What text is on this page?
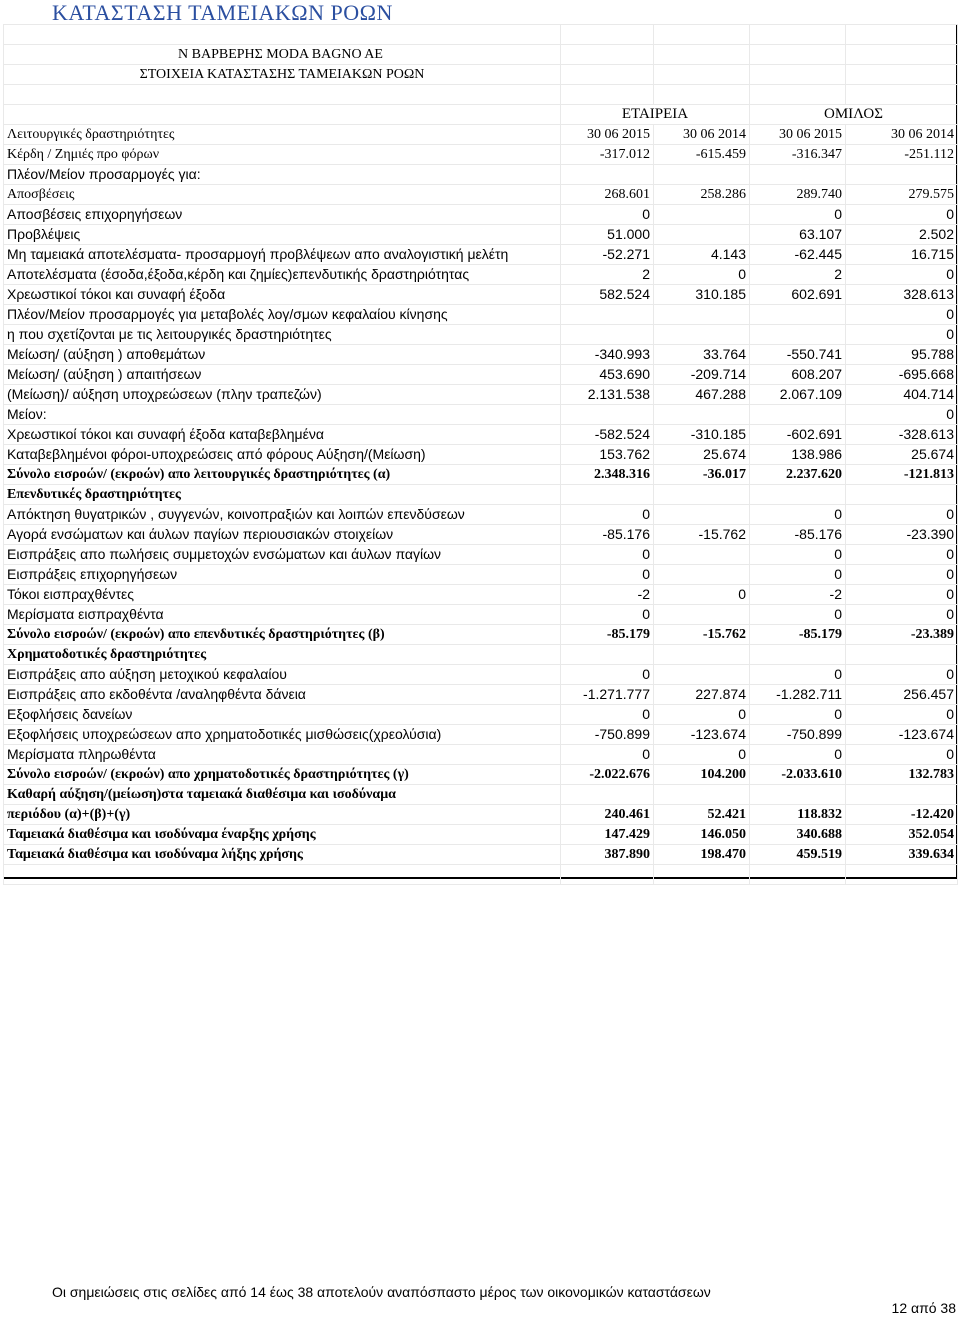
ΚΑΤΑΣΤΑΣΗ ΤΑΜΕΙΑΚΩΝ ΡΟΩΝ

Ν ΒΑΡΒΕΡΗΣ MODA BAGNO AE				
ΣΤΟΙΧΕΙΑ ΚΑΤΑΣΤΑΣΗΣ ΤΑΜΕΙΑΚΩΝ ΡΟΩΝ				

	ΕΤΑΙΡΕΙΑ		ΟΜΙΛΟΣ	
Λειτουργικές δραστηριότητες	30 06 2015	30 06 2014	30 06 2015	30 06 2014
Κέρδη / Ζημιές προ φόρων	-317.012	-615.459	-316.347	-251.112
Πλέον/Μείον προσαρμογές για:				
Αποσβέσεις	268.601	258.286	289.740	279.575
Αποσβέσεις επιχορηγήσεων	0		0	0
Προβλέψεις	51.000		63.107	2.502
Μη ταμειακά αποτελέσματα- προσαρμογή προβλέψεων απο αναλογιστική μελέτη	-52.271	4.143	-62.445	16.715
Αποτελέσματα (έσοδα,έξοδα,κέρδη και ζημίες)επενδυτικής δραστηριότητας	2	0	2	0
Χρεωστικοί τόκοι και συναφή έξοδα	582.524	310.185	602.691	328.613
Πλέον/Μείον προσαρμογές για μεταβολές λογ/σμων κεφαλαίου κίνησης				0
η που σχετίζονται με τις λειτουργικές δραστηριότητες				0
Μείωση/ (αύξηση ) αποθεμάτων	-340.993	33.764	-550.741	95.788
Μείωση/ (αύξηση ) απαιτήσεων	453.690	-209.714	608.207	-695.668
(Μείωση)/ αύξηση υποχρεώσεων (πλην τραπεζών)	2.131.538	467.288	2.067.109	404.714
Μείον:				0
Χρεωστικοί τόκοι και συναφή έξοδα καταβεβλημένα	-582.524	-310.185	-602.691	-328.613
Καταβεβλημένοι φόροι-υποχρεώσεις από φόρους Αύξηση/(Μείωση)	153.762	25.674	138.986	25.674
Σύνολο εισροών/ (εκροών) απο λειτουργικές δραστηριότητες (α)	2.348.316	-36.017	2.237.620	-121.813
Επενδυτικές δραστηριότητες				
Απόκτηση θυγατρικών , συγγενών, κοινοπραξιών και λοιπών επενδύσεων	0		0	0
Αγορά ενσώματων και άυλων παγίων περιουσιακών στοιχείων	-85.176	-15.762	-85.176	-23.390
Εισπράξεις απο πωλήσεις συμμετοχών ενσώματων και άυλων παγίων	0		0	0
Εισπράξεις επιχορηγήσεων	0		0	0
Τόκοι εισπραχθέντες	-2	0	-2	0
Μερίσματα εισπραχθέντα	0		0	0
Σύνολο εισροών/ (εκροών) απο επενδυτικές δραστηριότητες (β)	-85.179	-15.762	-85.179	-23.389
Χρηματοδοτικές δραστηριότητες				
Εισπράξεις απο αύξηση μετοχικού κεφαλαίου	0		0	0
Εισπράξεις απο εκδοθέντα /αναληφθέντα δάνεια	-1.271.777	227.874	-1.282.711	256.457
Εξοφλήσεις δανείων	0	0	0	0
Εξοφλήσεις υποχρεώσεων απο χρηματοδοτικές μισθώσεις(χρεολύσια)	-750.899	-123.674	-750.899	-123.674
Μερίσματα πληρωθέντα	0	0	0	0
Σύνολο εισροών/ (εκροών) απο χρηματοδοτικές δραστηριότητες (γ)	-2.022.676	104.200	-2.033.610	132.783
Καθαρή αύξηση/(μείωση)στα ταμειακά διαθέσιμα και ισοδύναμα				
περιόδου (α)+(β)+(γ)	240.461	52.421	118.832	-12.420
Ταμειακά διαθέσιμα και ισοδύναμα έναρξης χρήσης	147.429	146.050	340.688	352.054
Ταμειακά διαθέσιμα και ισοδύναμα λήξης χρήσης	387.890	198.470	459.519	339.634

Οι σημειώσεις στις σελίδες από 14 έως 38 αποτελούν αναπόσπαστο μέρος των οικονομικών καταστάσεων
12 από 38
